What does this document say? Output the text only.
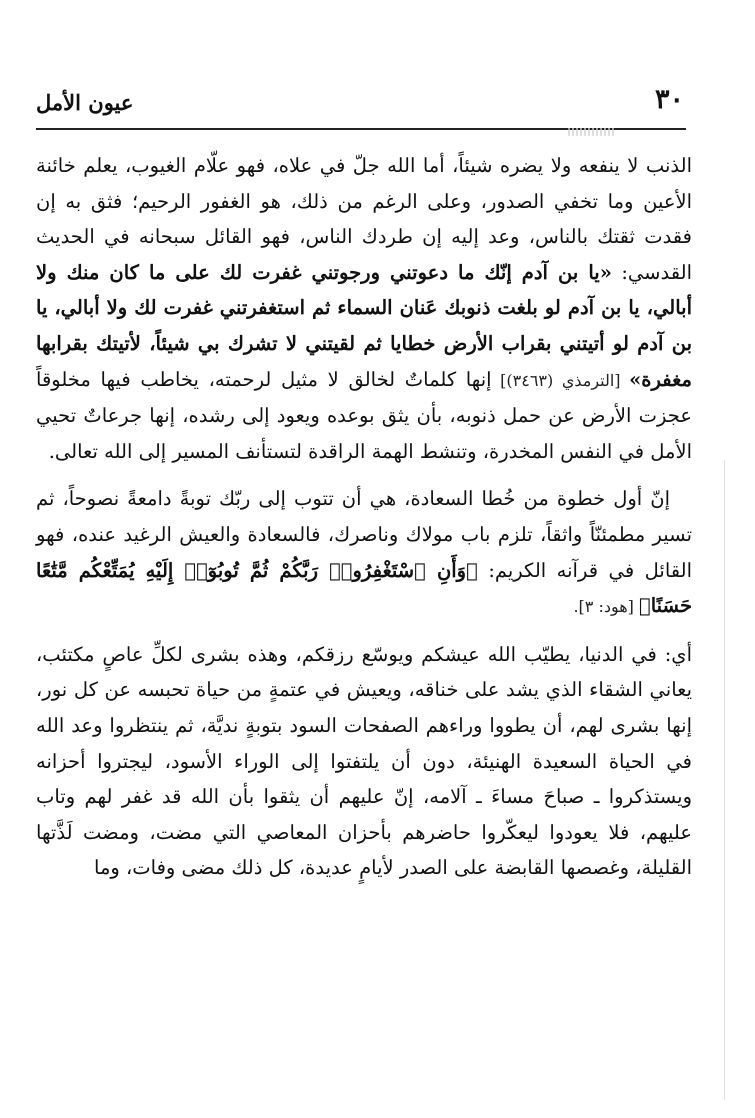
عيون الأمل	٣٠

الذنب لا ينفعه ولا يضره شيئاً، أما الله جلّ في علاه، فهو علّام الغيوب، يعلم خائنة الأعين وما تخفي الصدور، وعلى الرغم من ذلك، هو الغفور الرحيم؛ فثق به إن فقدت ثقتك بالناس، وعد إليه إن طردك الناس، فهو القائل سبحانه في الحديث القدسي: «يا بن آدم إنّك ما دعوتني ورجوتني غفرت لك على ما كان منك ولا أبالي، يا بن آدم لو بلغت ذنوبك عَنان السماء ثم استغفرتني غفرت لك ولا أبالي، يا بن آدم لو أتيتني بقراب الأرض خطايا ثم لقيتني لا تشرك بي شيئاً، لأتيتك بقرابها مغفرة» [الترمذي (٣٤٦٣)] إنها كلماتٌ لخالق لا مثيل لرحمته، يخاطب فيها مخلوقاً عجزت الأرض عن حمل ذنوبه، بأن يثق بوعده ويعود إلى رشده، إنها جرعاتٌ تحيي الأمل في النفس المخدرة، وتنشط الهمة الراقدة لتستأنف المسير إلى الله تعالى.

إنّ أول خطوة من خُطا السعادة، هي أن تتوب إلى ربّك توبةً دامعةً نصوحاً، ثم تسير مطمئنّاً واثقاً، تلزم باب مولاك وناصرك، فالسعادة والعيش الرغيد عنده، فهو القائل في قرآنه الكريم: ﴿وَأَنِ ٱسْتَغْفِرُوا۟ رَبَّكُمْ ثُمَّ تُوبُوٓا۟ إِلَيْهِ يُمَتِّعْكُم مَّتَٰعًا حَسَنًا﴾ [هود: ٣].

أي: في الدنيا، يطيّب الله عيشكم ويوسّع رزقكم، وهذه بشرى لكلِّ عاصٍ مكتئب، يعاني الشقاء الذي يشد على خناقه، ويعيش في عتمةٍ من حياة تحبسه عن كل نور، إنها بشرى لهم، أن يطووا وراءهم الصفحات السود بتوبةٍ نديَّة، ثم ينتظروا وعد الله في الحياة السعيدة الهنيئة، دون أن يلتفتوا إلى الوراء الأسود، ليجتروا أحزانه ويستذكروا ـ صباحَ مساءَ ـ آلامه، إنّ عليهم أن يثقوا بأن الله قد غفر لهم وتاب عليهم، فلا يعودوا ليعكّروا حاضرهم بأحزان المعاصي التي مضت، ومضت لَذَّتها القليلة، وغصصها القابضة على الصدر لأيامٍ عديدة، كل ذلك مضى وفات، وما
